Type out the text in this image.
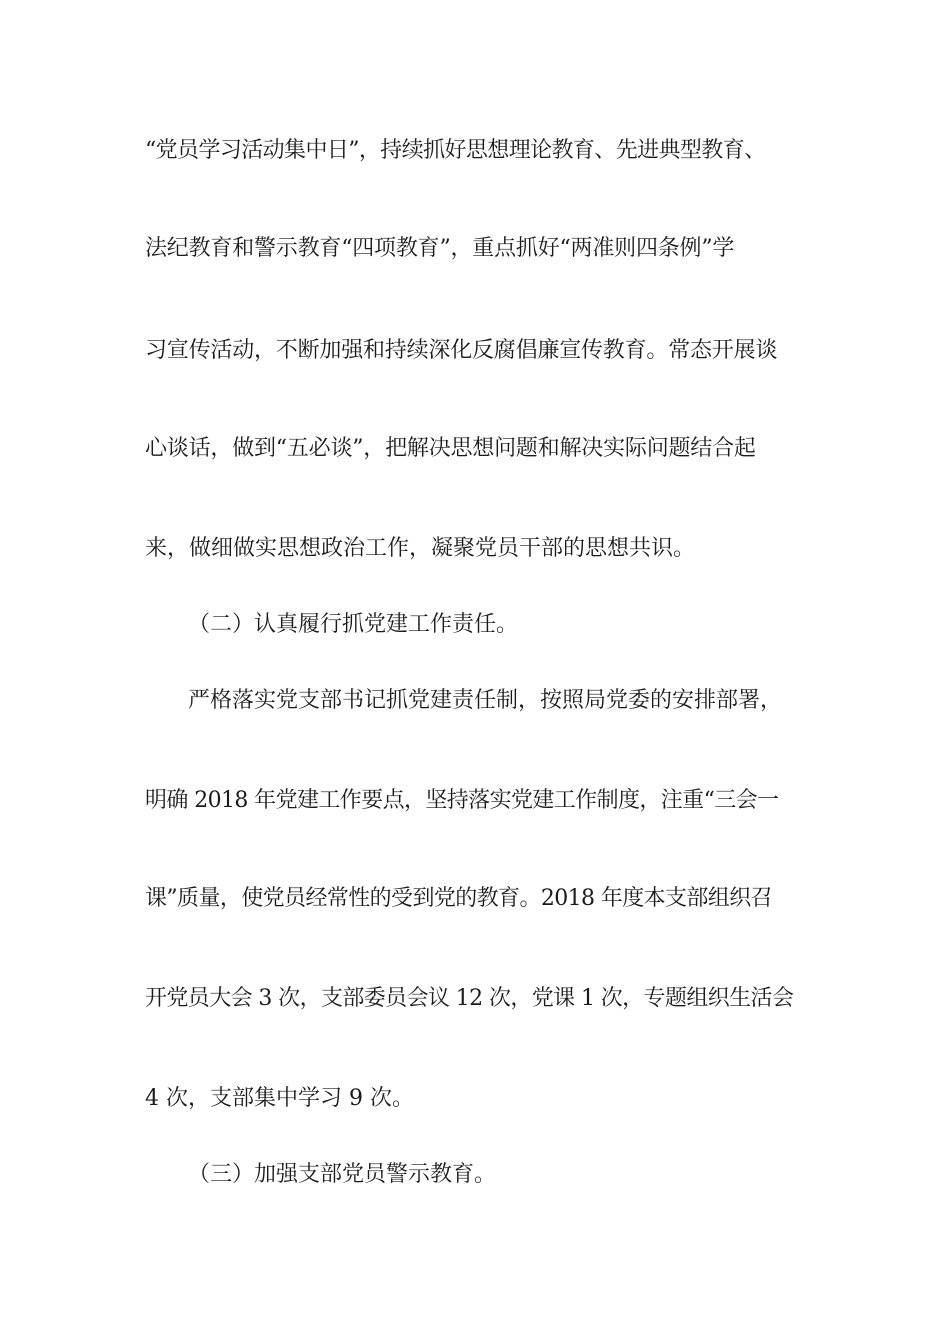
“党员学习活动集中日”，持续抓好思想理论教育、先进典型教育、
法纪教育和警示教育“四项教育”，重点抓好“两准则四条例”学
习宣传活动，不断加强和持续深化反腐倡廉宣传教育。常态开展谈
心谈话，做到“五必谈”，把解决思想问题和解决实际问题结合起
来，做细做实思想政治工作，凝聚党员干部的思想共识。
（二）认真履行抓党建工作责任。
严格落实党支部书记抓党建责任制，按照局党委的安排部署，
明确 2018 年党建工作要点，坚持落实党建工作制度，注重“三会一
课”质量，使党员经常性的受到党的教育。2018 年度本支部组织召
开党员大会 3 次，支部委员会议 12 次，党课 1 次，专题组织生活会
4 次，支部集中学习 9 次。
（三）加强支部党员警示教育。
